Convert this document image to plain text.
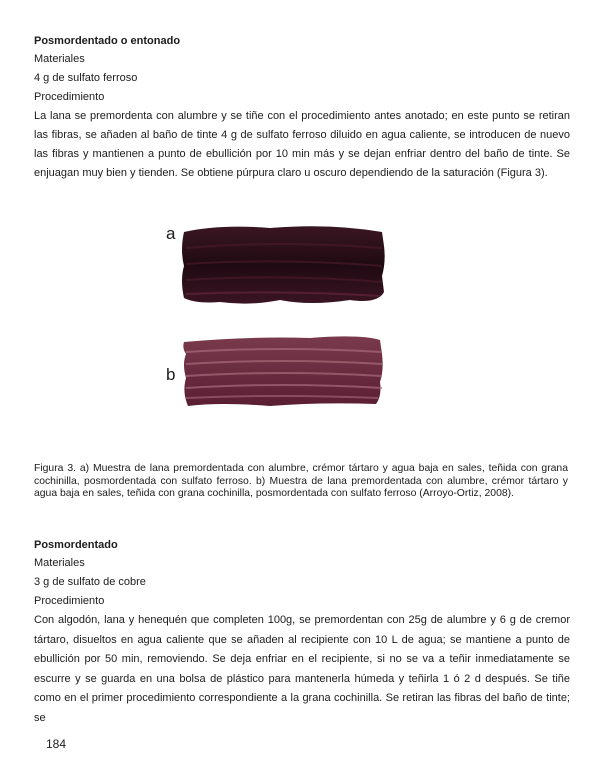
Posmordentado o entonado

Materiales

4 g de sulfato ferroso

Procedimiento

La lana se premordenta con alumbre y se tiñe con el procedimiento antes anotado; en este punto se retiran las fibras, se añaden al baño de tinte 4 g de sulfato ferroso diluido en agua caliente, se introducen de nuevo las fibras y mantienen a punto de ebullición por 10 min más y se dejan enfriar dentro del baño de tinte. Se enjuagan muy bien y tienden. Se obtiene púrpura claro u oscuro dependiendo de la saturación (Figura 3).

a
b

Figura 3. a) Muestra de lana premordentada con alumbre, crémor tártaro y agua baja en sales, teñida con grana cochinilla, posmordentada con sulfato ferroso. b) Muestra de lana premordentada con alumbre, crémor tártaro y agua baja en sales, teñida con grana cochinilla, posmordentada con sulfato ferroso (Arroyo-Ortiz, 2008).

Posmordentado

Materiales

3 g de sulfato de cobre

Procedimiento

Con algodón, lana y henequén que completen 100g, se premordentan con 25g de alumbre y 6 g de cremor tártaro, disueltos en agua caliente que se añaden al recipiente con 10 L de agua; se mantiene a punto de ebullición por 50 min, removiendo. Se deja enfriar en el recipiente, si no se va a teñir inmediatamente se escurre y se guarda en una bolsa de plástico para mantenerla húmeda y teñirla 1 ó 2 d después. Se tiñe como en el primer procedimiento correspondiente a la grana cochinilla. Se retiran las fibras del baño de tinte; se

184
